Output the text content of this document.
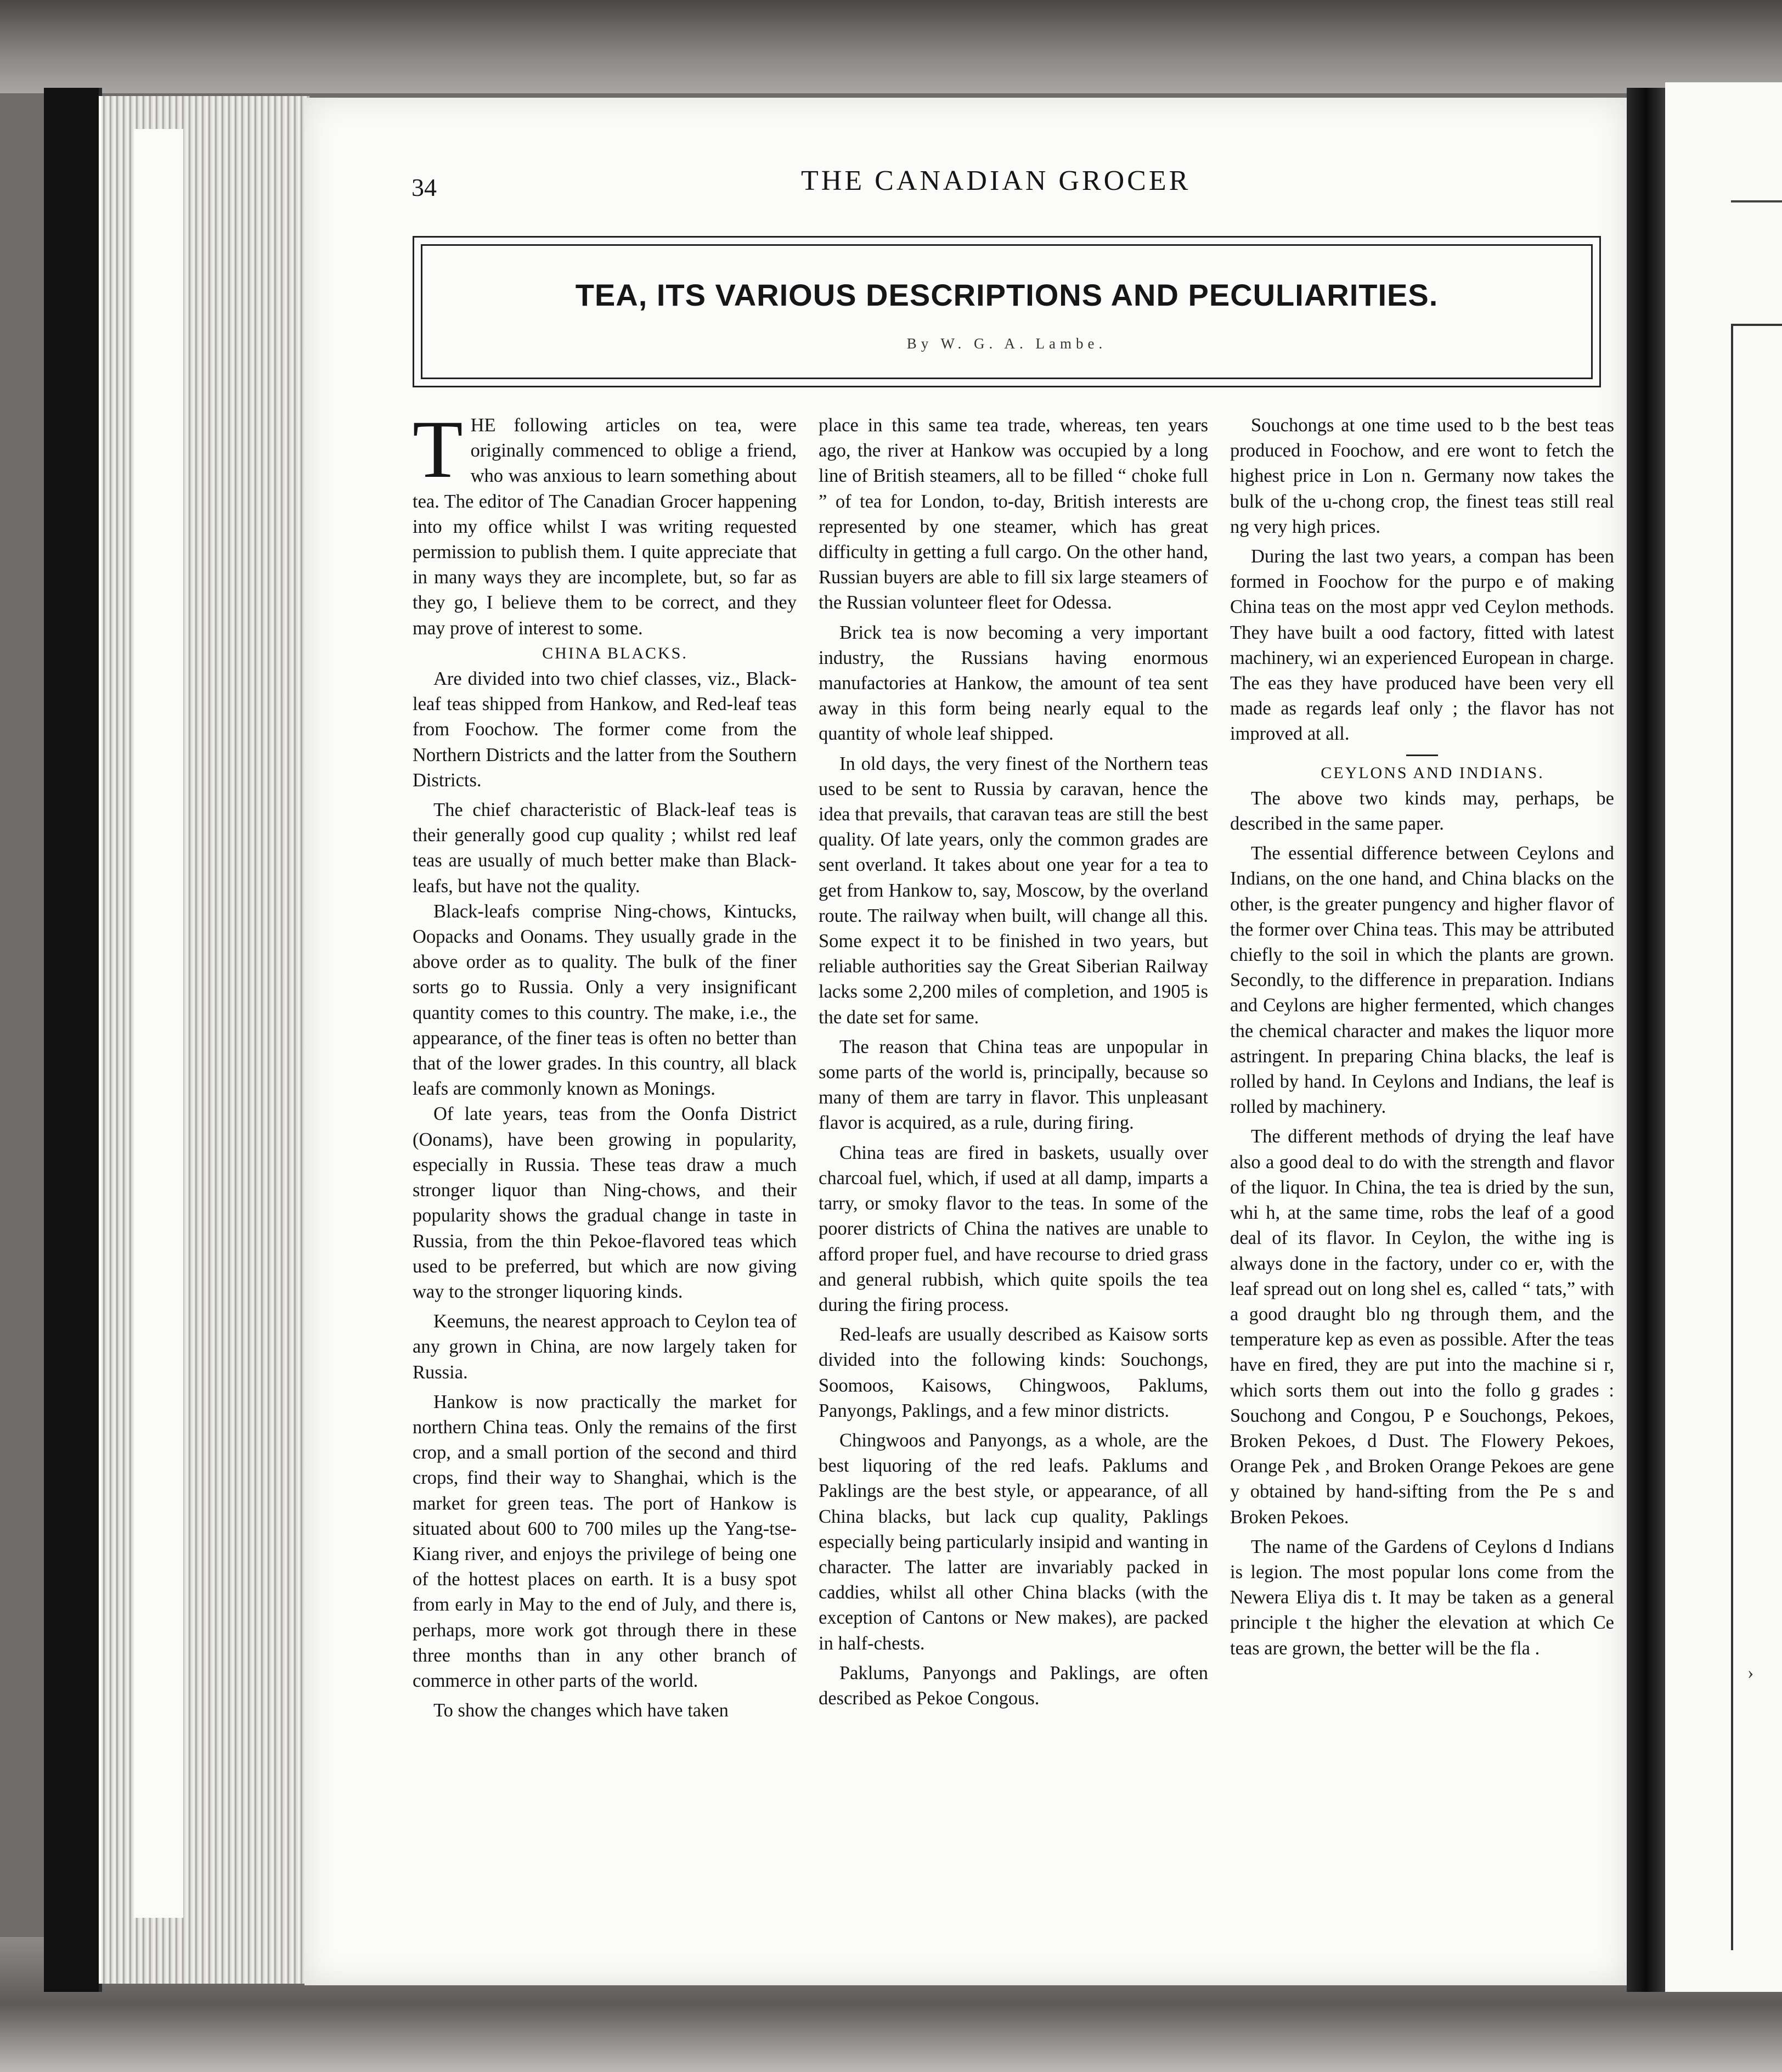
›
34	THE CANADIAN GROCER
TEA, ITS VARIOUS DESCRIPTIONS AND PECULIARITIES.
By W. G. A. Lambe.

THE following articles on tea, were originally commenced to oblige a friend, who was anxious to learn something about tea. The editor of The Canadian Grocer happening into my office whilst I was writing requested permission to publish them. I quite appreciate that in many ways they are incomplete, but, so far as they go, I believe them to be correct, and they may prove of interest to some.

CHINA BLACKS.

Are divided into two chief classes, viz., Black-leaf teas shipped from Hankow, and Red-leaf teas from Foochow. The former come from the Northern Districts and the latter from the Southern Districts.

The chief characteristic of Black-leaf teas is their generally good cup quality ; whilst red leaf teas are usually of much better make than Black-leafs, but have not the quality.

Black-leafs comprise Ning-chows, Kintucks, Oopacks and Oonams. They usually grade in the above order as to quality. The bulk of the finer sorts go to Russia. Only a very insignificant quantity comes to this country. The make, i.e., the appearance, of the finer teas is often no better than that of the lower grades. In this country, all black leafs are commonly known as Monings.

Of late years, teas from the Oonfa District (Oonams), have been growing in popularity, especially in Russia. These teas draw a much stronger liquor than Ning-chows, and their popularity shows the gradual change in taste in Russia, from the thin Pekoe-flavored teas which used to be preferred, but which are now giving way to the stronger liquoring kinds.

Keemuns, the nearest approach to Ceylon tea of any grown in China, are now largely taken for Russia.

Hankow is now practically the market for northern China teas. Only the remains of the first crop, and a small portion of the second and third crops, find their way to Shanghai, which is the market for green teas. The port of Hankow is situated about 600 to 700 miles up the Yang-tse-Kiang river, and enjoys the privilege of being one of the hottest places on earth. It is a busy spot from early in May to the end of July, and there is, perhaps, more work got through there in these three months than in any other branch of commerce in other parts of the world.

To show the changes which have taken

place in this same tea trade, whereas, ten years ago, the river at Hankow was occupied by a long line of British steamers, all to be filled “ choke full ” of tea for London, to-day, British interests are represented by one steamer, which has great difficulty in getting a full cargo. On the other hand, Russian buyers are able to fill six large steamers of the Russian volunteer fleet for Odessa.

Brick tea is now becoming a very important industry, the Russians having enormous manufactories at Hankow, the amount of tea sent away in this form being nearly equal to the quantity of whole leaf shipped.

In old days, the very finest of the Northern teas used to be sent to Russia by caravan, hence the idea that prevails, that caravan teas are still the best quality. Of late years, only the common grades are sent overland. It takes about one year for a tea to get from Hankow to, say, Moscow, by the overland route. The railway when built, will change all this. Some expect it to be finished in two years, but reliable authorities say the Great Siberian Railway lacks some 2,200 miles of completion, and 1905 is the date set for same.

The reason that China teas are unpopular in some parts of the world is, principally, because so many of them are tarry in flavor. This unpleasant flavor is acquired, as a rule, during firing.

China teas are fired in baskets, usually over charcoal fuel, which, if used at all damp, imparts a tarry, or smoky flavor to the teas. In some of the poorer districts of China the natives are unable to afford proper fuel, and have recourse to dried grass and general rubbish, which quite spoils the tea during the firing process.

Red-leafs are usually described as Kaisow sorts divided into the following kinds: Souchongs, Soomoos, Kaisows, Chingwoos, Paklums, Panyongs, Paklings, and a few minor districts.

Chingwoos and Panyongs, as a whole, are the best liquoring of the red leafs. Paklums and Paklings are the best style, or appearance, of all China blacks, but lack cup quality, Paklings especially being particularly insipid and wanting in character. The latter are invariably packed in caddies, whilst all other China blacks (with the exception of Cantons or New makes), are packed in half-chests.

Paklums, Panyongs and Paklings, are often described as Pekoe Congous.

Souchongs at one time used to b the best teas produced in Foochow, and ere wont to fetch the highest price in Lon n. Germany now takes the bulk of the u-chong crop, the finest teas still real ng very high prices.

During the last two years, a compan has been formed in Foochow for the purpo e of making China teas on the most appr ved Ceylon methods. They have built a ood factory, fitted with latest machinery, wi an experienced European in charge. The eas they have produced have been very ell made as regards leaf only ; the flavor has not improved at all.

CEYLONS AND INDIANS.

The above two kinds may, perhaps, be described in the same paper.

The essential difference between Ceylons and Indians, on the one hand, and China blacks on the other, is the greater pungency and higher flavor of the former over China teas. This may be attributed chiefly to the soil in which the plants are grown. Secondly, to the difference in preparation. Indians and Ceylons are higher fermented, which changes the chemical character and makes the liquor more astringent. In preparing China blacks, the leaf is rolled by hand. In Ceylons and Indians, the leaf is rolled by machinery.

The different methods of drying the leaf have also a good deal to do with the strength and flavor of the liquor. In China, the tea is dried by the sun, whi h, at the same time, robs the leaf of a good deal of its flavor. In Ceylon, the withe ing is always done in the factory, under co er, with the leaf spread out on long shel es, called “ tats,” with a good draught blo ng through them, and the temperature kep as even as possible. After the teas have en fired, they are put into the machine si r, which sorts them out into the follo g grades : Souchong and Congou, P e Souchongs, Pekoes, Broken Pekoes, d Dust. The Flowery Pekoes, Orange Pek , and Broken Orange Pekoes are gene y obtained by hand-sifting from the Pe s and Broken Pekoes.

The name of the Gardens of Ceylons d Indians is legion. The most popular lons come from the Newera Eliya dis t. It may be taken as a general principle t the higher the elevation at which Ce teas are grown, the better will be the fla .
